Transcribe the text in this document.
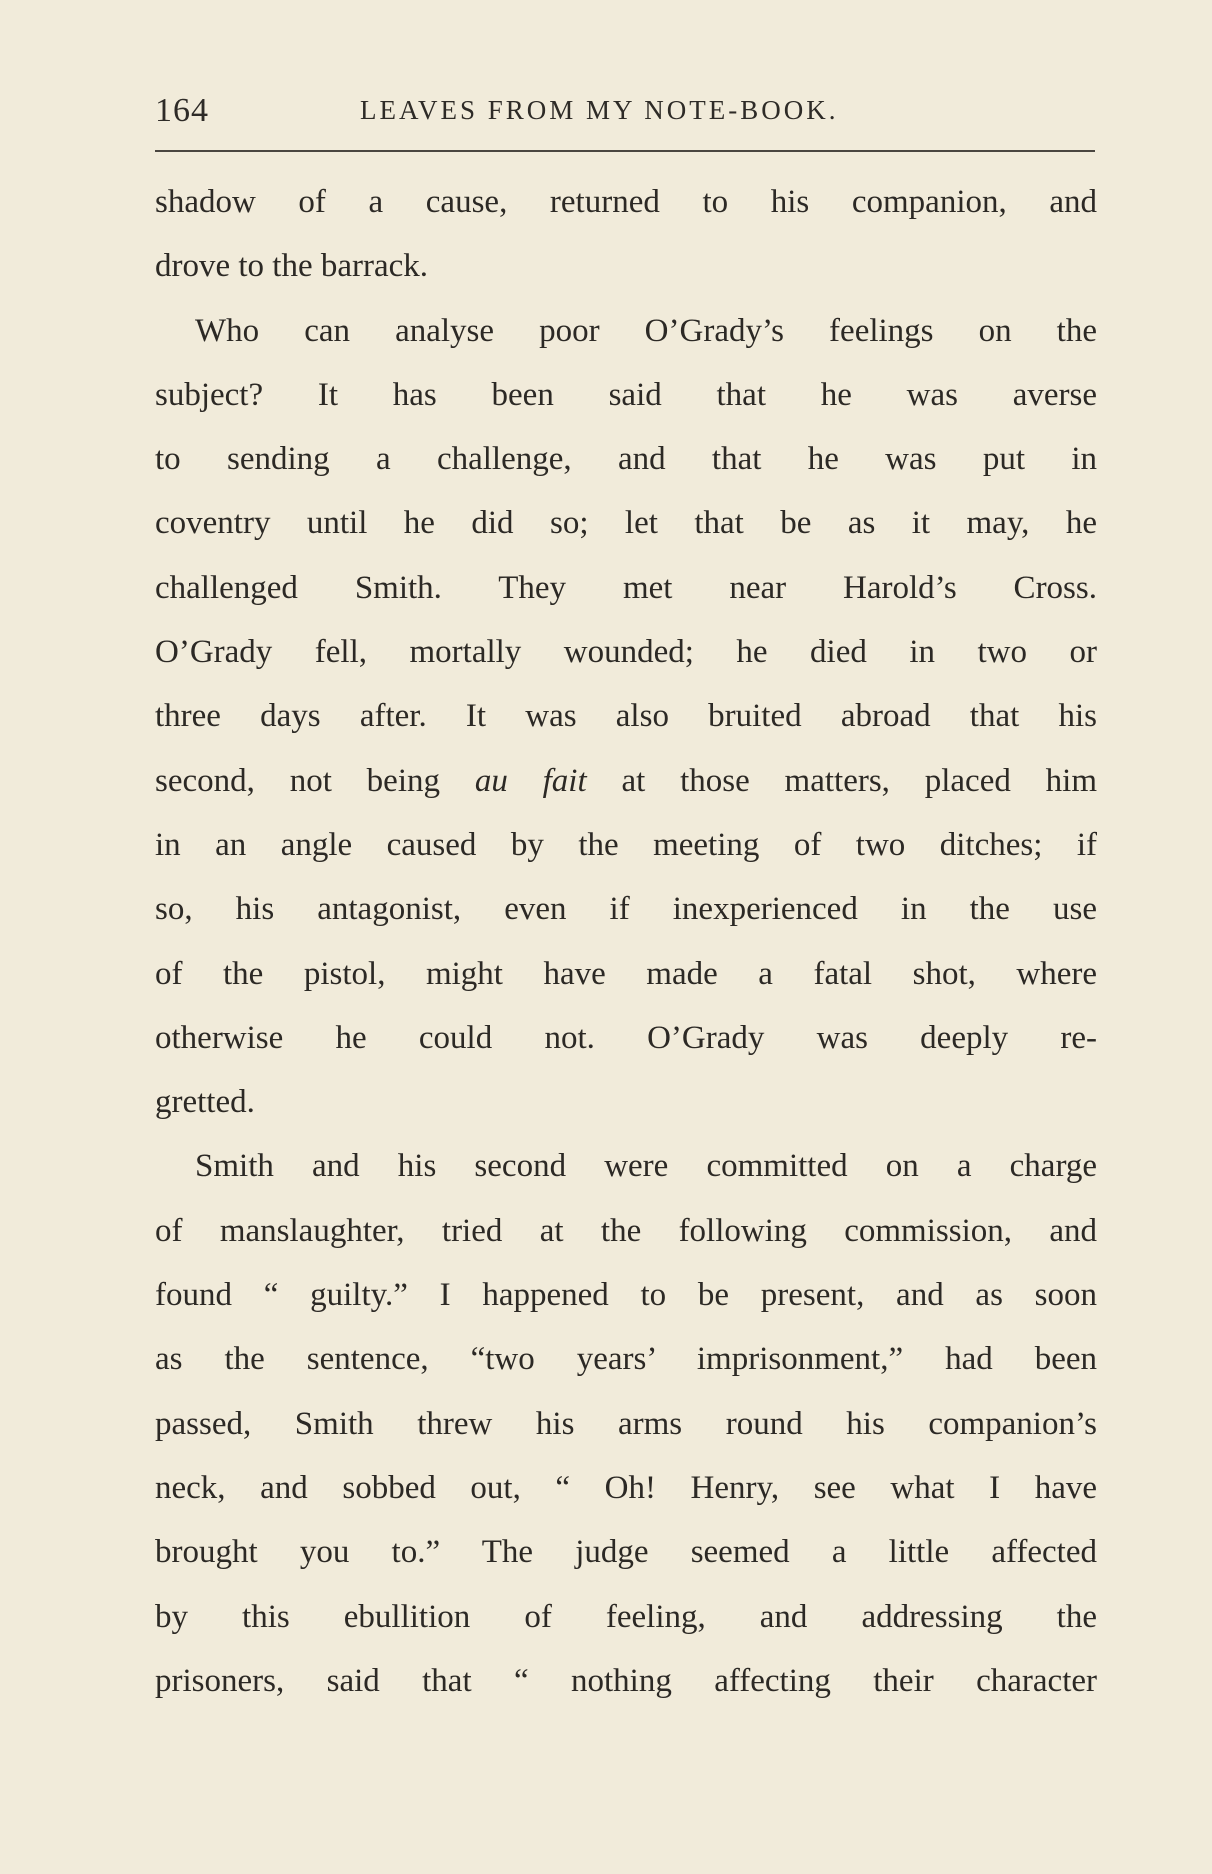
164	LEAVES FROM MY NOTE-BOOK.
shadow of a cause, returned to his companion, and
drove to the barrack.
Who can analyse poor O’Grady’s feelings on the
subject? It has been said that he was averse
to sending a challenge, and that he was put in
coventry until he did so; let that be as it may, he
challenged Smith. They met near Harold’s Cross.
O’Grady fell, mortally wounded; he died in two or
three days after. It was also bruited abroad that his
second, not being au fait at those matters, placed him
in an angle caused by the meeting of two ditches; if
so, his antagonist, even if inexperienced in the use
of the pistol, might have made a fatal shot, where
otherwise he could not. O’Grady was deeply re-
gretted.
Smith and his second were committed on a charge
of manslaughter, tried at the following commission, and
found “ guilty.” I happened to be present, and as soon
as the sentence, “two years’ imprisonment,” had been
passed, Smith threw his arms round his companion’s
neck, and sobbed out, “ Oh! Henry, see what I have
brought you to.” The judge seemed a little affected
by this ebullition of feeling, and addressing the
prisoners, said that “ nothing affecting their character
